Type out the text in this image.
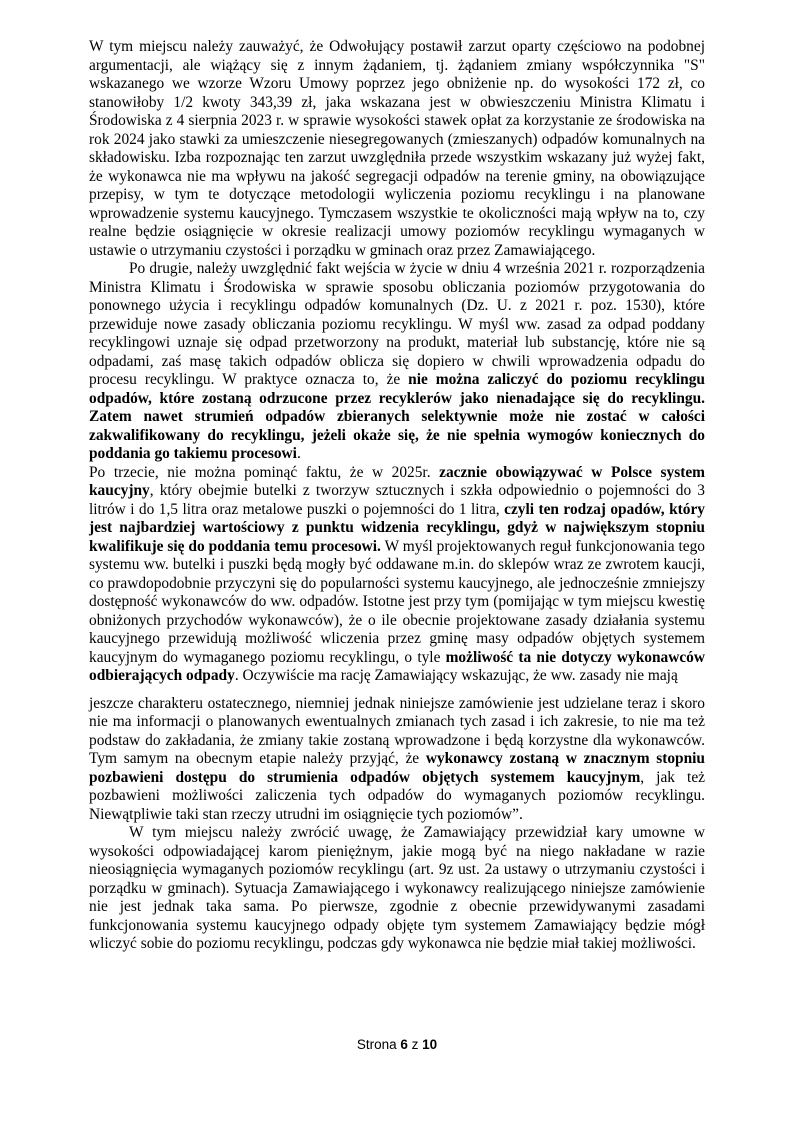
W tym miejscu należy zauważyć, że Odwołujący postawił zarzut oparty częściowo na podobnej argumentacji, ale wiążący się z innym żądaniem, tj. żądaniem zmiany współczynnika "S" wskazanego we wzorze Wzoru Umowy poprzez jego obniżenie np. do wysokości 172 zł, co stanowiłoby 1/2 kwoty 343,39 zł, jaka wskazana jest w obwieszczeniu Ministra Klimatu i Środowiska z 4 sierpnia 2023 r. w sprawie wysokości stawek opłat za korzystanie ze środowiska na rok 2024 jako stawki za umieszczenie niesegregowanych (zmieszanych) odpadów komunalnych na składowisku. Izba rozpoznając ten zarzut uwzględniła przede wszystkim wskazany już wyżej fakt, że wykonawca nie ma wpływu na jakość segregacji odpadów na terenie gminy, na obowiązujące przepisy, w tym te dotyczące metodologii wyliczenia poziomu recyklingu i na planowane wprowadzenie systemu kaucyjnego. Tymczasem wszystkie te okoliczności mają wpływ na to, czy realne będzie osiągnięcie w okresie realizacji umowy poziomów recyklingu wymaganych w ustawie o utrzymaniu czystości i porządku w gminach oraz przez Zamawiającego.

Po drugie, należy uwzględnić fakt wejścia w życie w dniu 4 września 2021 r. rozporządzenia Ministra Klimatu i Środowiska w sprawie sposobu obliczania poziomów przygotowania do ponownego użycia i recyklingu odpadów komunalnych (Dz. U. z 2021 r. poz. 1530), które przewiduje nowe zasady obliczania poziomu recyklingu. W myśl ww. zasad za odpad poddany recyklingowi uznaje się odpad przetworzony na produkt, materiał lub substancję, które nie są odpadami, zaś masę takich odpadów oblicza się dopiero w chwili wprowadzenia odpadu do procesu recyklingu. W praktyce oznacza to, że nie można zaliczyć do poziomu recyklingu odpadów, które zostaną odrzucone przez recyklerów jako nienadające się do recyklingu. Zatem nawet strumień odpadów zbieranych selektywnie może nie zostać w całości zakwalifikowany do recyklingu, jeżeli okaże się, że nie spełnia wymogów koniecznych do poddania go takiemu procesowi.

Po trzecie, nie można pominąć faktu, że w 2025r. zacznie obowiązywać w Polsce system kaucyjny, który obejmie butelki z tworzyw sztucznych i szkła odpowiednio o pojemności do 3 litrów i do 1,5 litra oraz metalowe puszki o pojemności do 1 litra, czyli ten rodzaj opadów, który jest najbardziej wartościowy z punktu widzenia recyklingu, gdyż w największym stopniu kwalifikuje się do poddania temu procesowi. W myśl projektowanych reguł funkcjonowania tego systemu ww. butelki i puszki będą mogły być oddawane m.in. do sklepów wraz ze zwrotem kaucji, co prawdopodobnie przyczyni się do popularności systemu kaucyjnego, ale jednocześnie zmniejszy dostępność wykonawców do ww. odpadów. Istotne jest przy tym (pomijając w tym miejscu kwestię obniżonych przychodów wykonawców), że o ile obecnie projektowane zasady działania systemu kaucyjnego przewidują możliwość wliczenia przez gminę masy odpadów objętych systemem kaucyjnym do wymaganego poziomu recyklingu, o tyle możliwość ta nie dotyczy wykonawców odbierających odpady. Oczywiście ma rację Zamawiający wskazując, że ww. zasady nie mają

jeszcze charakteru ostatecznego, niemniej jednak niniejsze zamówienie jest udzielane teraz i skoro nie ma informacji o planowanych ewentualnych zmianach tych zasad i ich zakresie, to nie ma też podstaw do zakładania, że zmiany takie zostaną wprowadzone i będą korzystne dla wykonawców. Tym samym na obecnym etapie należy przyjąć, że wykonawcy zostaną w znacznym stopniu pozbawieni dostępu do strumienia odpadów objętych systemem kaucyjnym, jak też pozbawieni możliwości zaliczenia tych odpadów do wymaganych poziomów recyklingu. Niewątpliwie taki stan rzeczy utrudni im osiągnięcie tych poziomów”.

W tym miejscu należy zwrócić uwagę, że Zamawiający przewidział kary umowne w wysokości odpowiadającej karom pieniężnym, jakie mogą być na niego nakładane w razie nieosiągnięcia wymaganych poziomów recyklingu (art. 9z ust. 2a ustawy o utrzymaniu czystości i porządku w gminach). Sytuacja Zamawiającego i wykonawcy realizującego niniejsze zamówienie nie jest jednak taka sama. Po pierwsze, zgodnie z obecnie przewidywanymi zasadami funkcjonowania systemu kaucyjnego odpady objęte tym systemem Zamawiający będzie mógł wliczyć sobie do poziomu recyklingu, podczas gdy wykonawca nie będzie miał takiej możliwości.

Strona 6 z 10
